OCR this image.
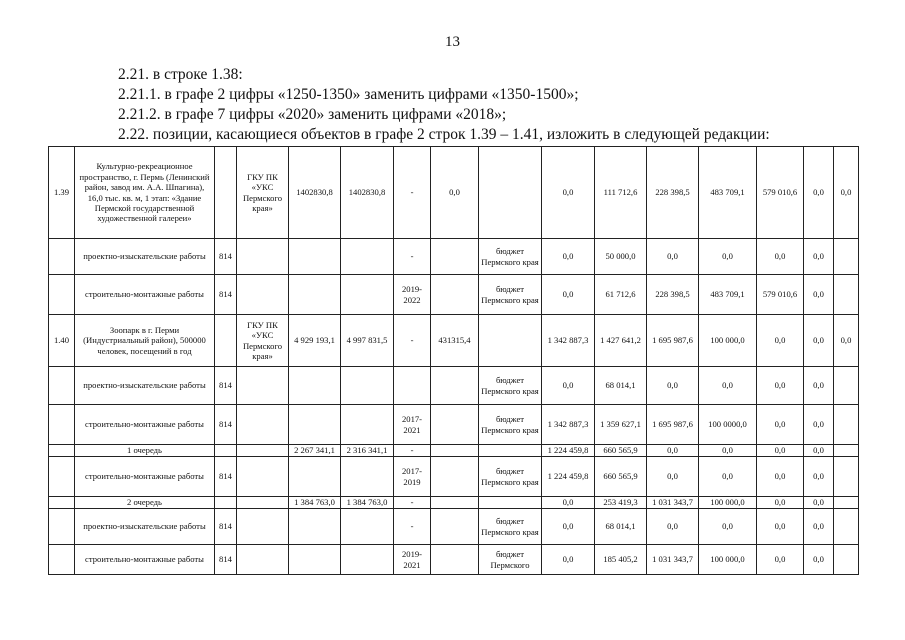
13
2.21. в строке 1.38:
2.21.1. в графе 2 цифры «1250-1350» заменить цифрами «1350-1500»;
2.21.2. в графе 7 цифры «2020» заменить цифрами «2018»;
2.22. позиции, касающиеся объектов в графе 2 строк 1.39 – 1.41, изложить в следующей редакции:
1.39	Культурно-рекреационное пространство, г. Пермь (Ленинский район, завод им. А.А. Шпагина), 16,0 тыс. кв. м, 1 этап: «Здание Пермской государственной художественной галереи»		ГКУ ПК «УКС Пермского края»	1402830,8	1402830,8	-	0,0		0,0	111 712,6	228 398,5	483 709,1	579 010,6	0,0	0,0
	проектно-изыскательские работы	814				-		бюджет Пермского края	0,0	50 000,0	0,0	0,0	0,0	0,0	
	строительно-монтажные работы	814				2019-2022		бюджет Пермского края	0,0	61 712,6	228 398,5	483 709,1	579 010,6	0,0	
1.40	Зоопарк в г. Перми (Индустриальный район), 500000 человек, посещений в год		ГКУ ПК «УКС Пермского края»	4 929 193,1	4 997 831,5	-	431315,4		1 342 887,3	1 427 641,2	1 695 987,6	100 000,0	0,0	0,0	0,0
	проектно-изыскательские работы	814						бюджет Пермского края	0,0	68 014,1	0,0	0,0	0,0	0,0	
	строительно-монтажные работы	814				2017-2021		бюджет Пермского края	1 342 887,3	1 359 627,1	1 695 987,6	100 0000,0	0,0	0,0	
	1 очередь			2 267 341,1	2 316 341,1	-			1 224 459,8	660 565,9	0,0	0,0	0,0	0,0	
	строительно-монтажные работы	814				2017-2019		бюджет Пермского края	1 224 459,8	660 565,9	0,0	0,0	0,0	0,0	
	2 очередь			1 384 763,0	1 384 763,0	-			0,0	253 419,3	1 031 343,7	100 000,0	0,0	0,0	
	проектно-изыскательские работы	814				-		бюджет Пермского края	0,0	68 014,1	0,0	0,0	0,0	0,0	
	строительно-монтажные работы	814				2019-2021		бюджет Пермского	0,0	185 405,2	1 031 343,7	100 000,0	0,0	0,0	
